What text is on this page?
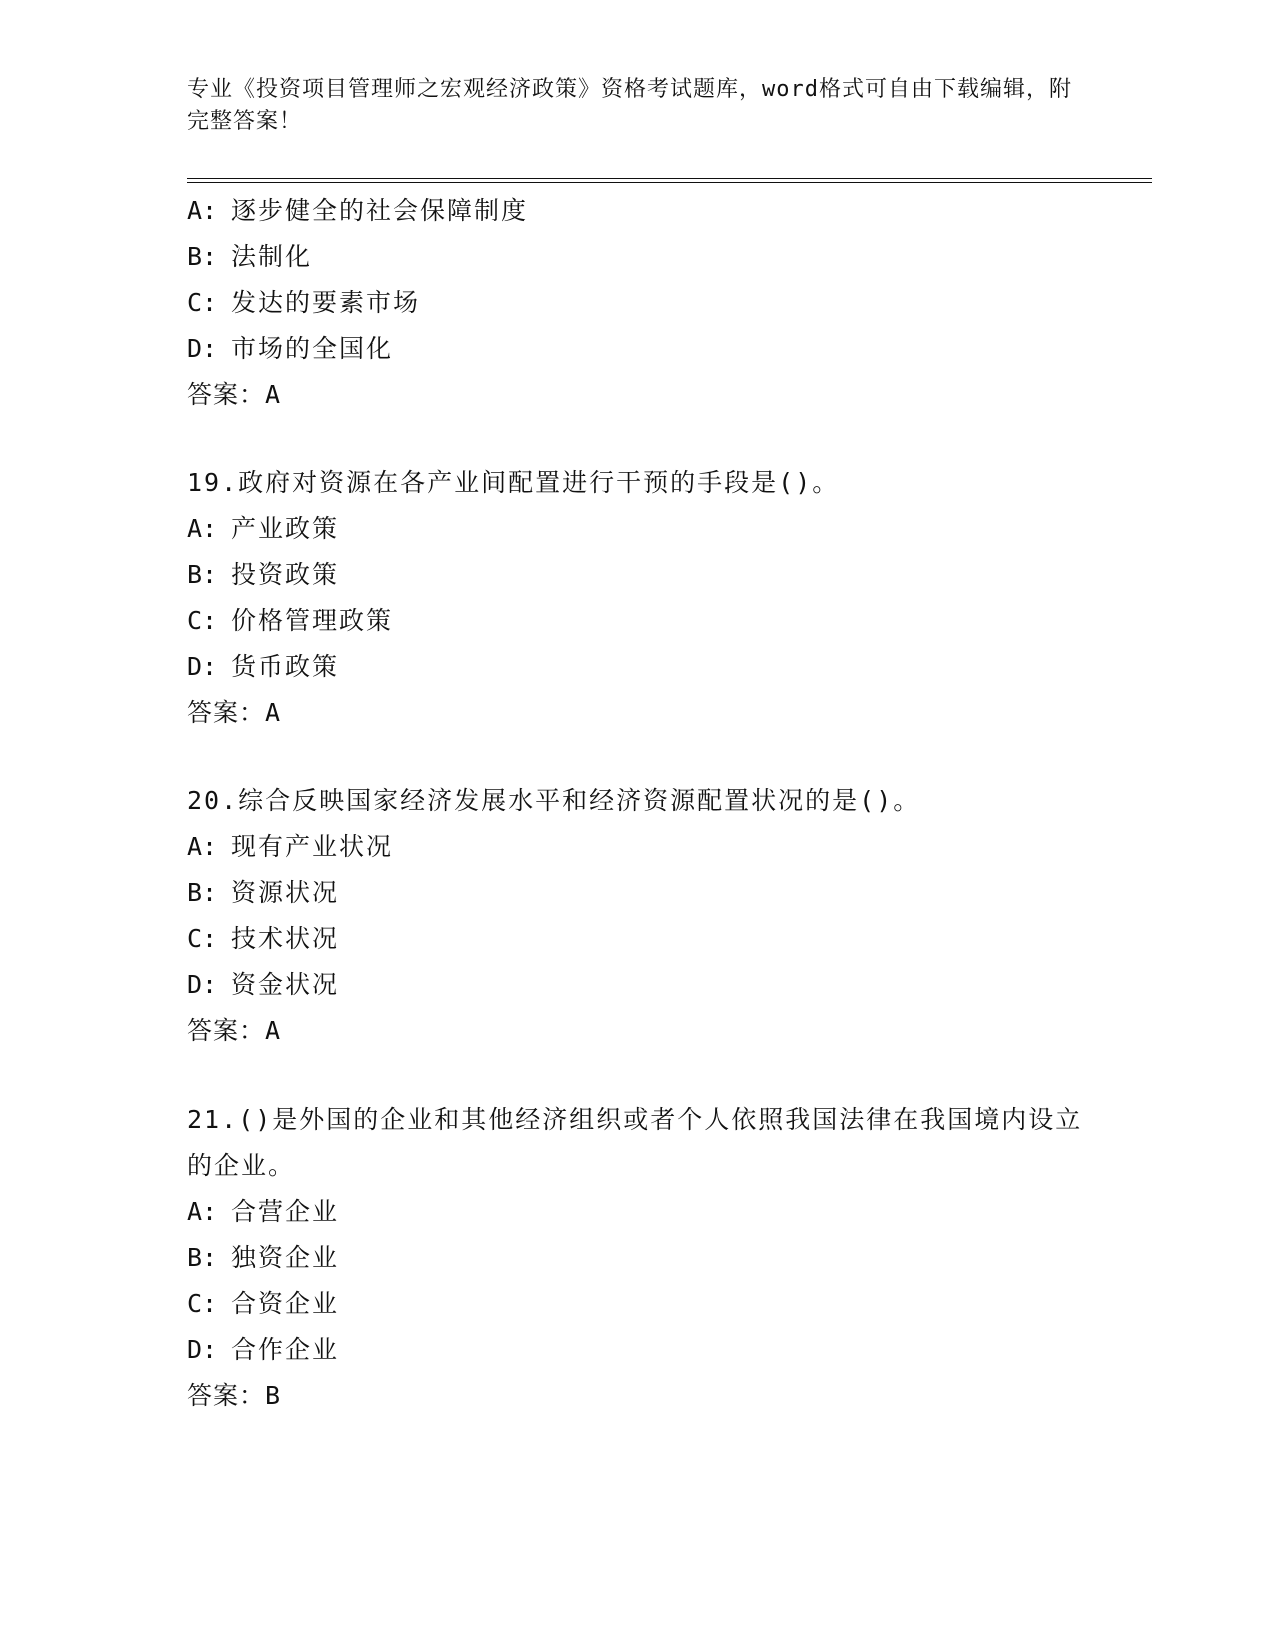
专业《投资项目管理师之宏观经济政策》资格考试题库，word格式可自由下载编辑，附完整答案！
A: 逐步健全的社会保障制度
B: 法制化
C: 发达的要素市场
D: 市场的全国化
答案：A
19.政府对资源在各产业间配置进行干预的手段是()。
A: 产业政策
B: 投资政策
C: 价格管理政策
D: 货币政策
答案：A
20.综合反映国家经济发展水平和经济资源配置状况的是()。
A: 现有产业状况
B: 资源状况
C: 技术状况
D: 资金状况
答案：A
21.()是外国的企业和其他经济组织或者个人依照我国法律在我国境内设立的企业。
A: 合营企业
B: 独资企业
C: 合资企业
D: 合作企业
答案：B
